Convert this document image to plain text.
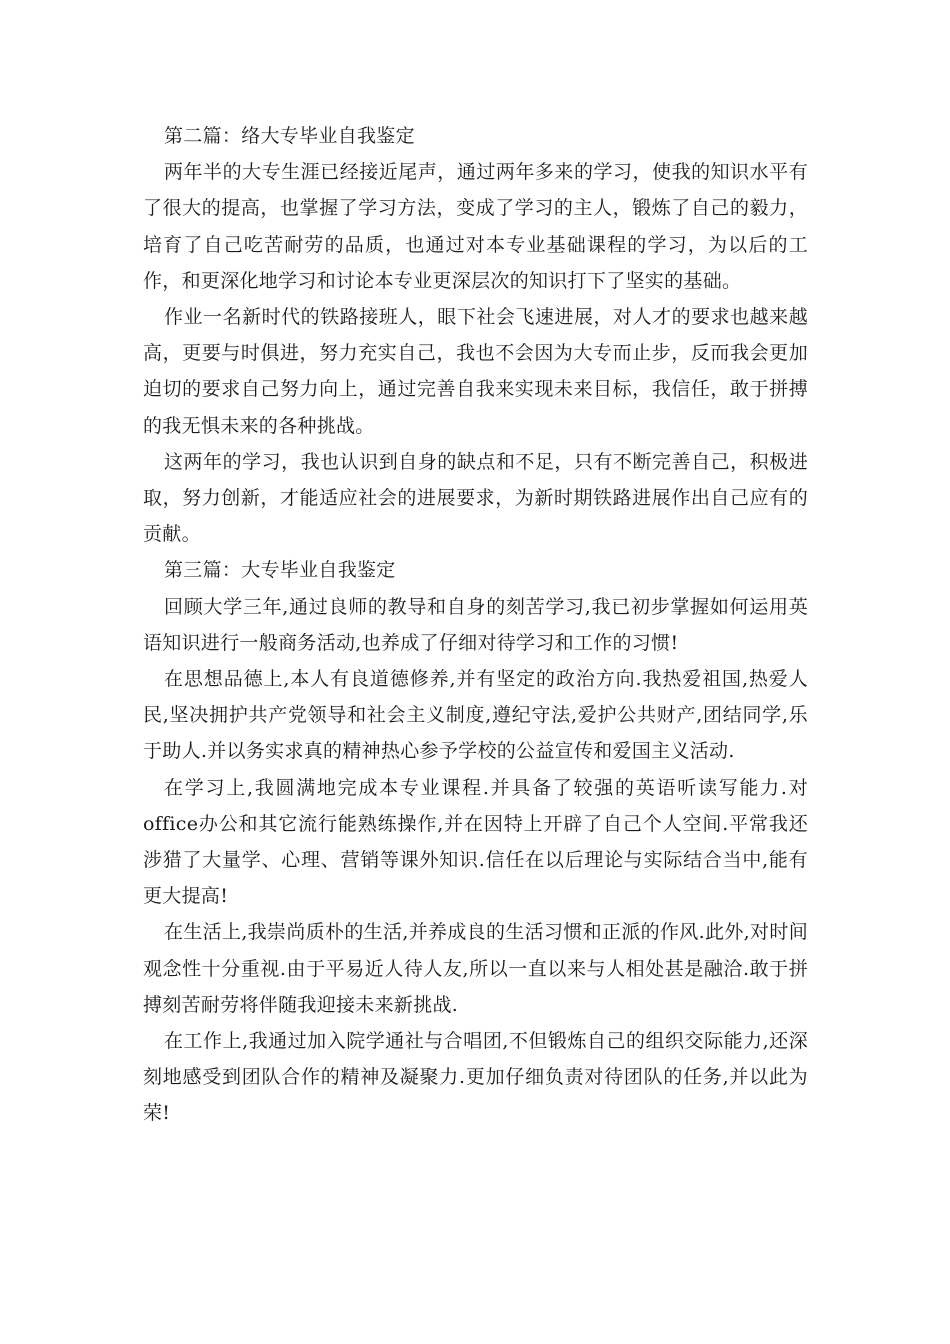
第二篇：络大专毕业自我鉴定

两年半的大专生涯已经接近尾声，通过两年多来的学习，使我的知识水平有了很大的提高，也掌握了学习方法，变成了学习的主人，锻炼了自己的毅力，培育了自己吃苦耐劳的品质，也通过对本专业基础课程的学习，为以后的工作，和更深化地学习和讨论本专业更深层次的知识打下了坚实的基础。

作业一名新时代的铁路接班人，眼下社会飞速进展，对人才的要求也越来越高，更要与时俱进，努力充实自己，我也不会因为大专而止步，反而我会更加迫切的要求自己努力向上，通过完善自我来实现未来目标，我信任，敢于拼搏的我无惧未来的各种挑战。

这两年的学习，我也认识到自身的缺点和不足，只有不断完善自己，积极进取，努力创新，才能适应社会的进展要求，为新时期铁路进展作出自己应有的贡献。

第三篇：大专毕业自我鉴定

回顾大学三年,通过良师的教导和自身的刻苦学习,我已初步掌握如何运用英语知识进行一般商务活动,也养成了仔细对待学习和工作的习惯!

在思想品德上,本人有良道德修养,并有坚定的政治方向.我热爱祖国,热爱人民,坚决拥护共产党领导和社会主义制度,遵纪守法,爱护公共财产,团结同学,乐于助人.并以务实求真的精神热心参予学校的公益宣传和爱国主义活动.

在学习上,我圆满地完成本专业课程.并具备了较强的英语听读写能力.对office办公和其它流行能熟练操作,并在因特上开辟了自己个人空间.平常我还涉猎了大量学、心理、营销等课外知识.信任在以后理论与实际结合当中,能有更大提高!

在生活上,我崇尚质朴的生活,并养成良的生活习惯和正派的作风.此外,对时间观念性十分重视.由于平易近人待人友,所以一直以来与人相处甚是融洽.敢于拼搏刻苦耐劳将伴随我迎接未来新挑战.

在工作上,我通过加入院学通社与合唱团,不但锻炼自己的组织交际能力,还深刻地感受到团队合作的精神及凝聚力.更加仔细负责对待团队的任务,并以此为荣!
